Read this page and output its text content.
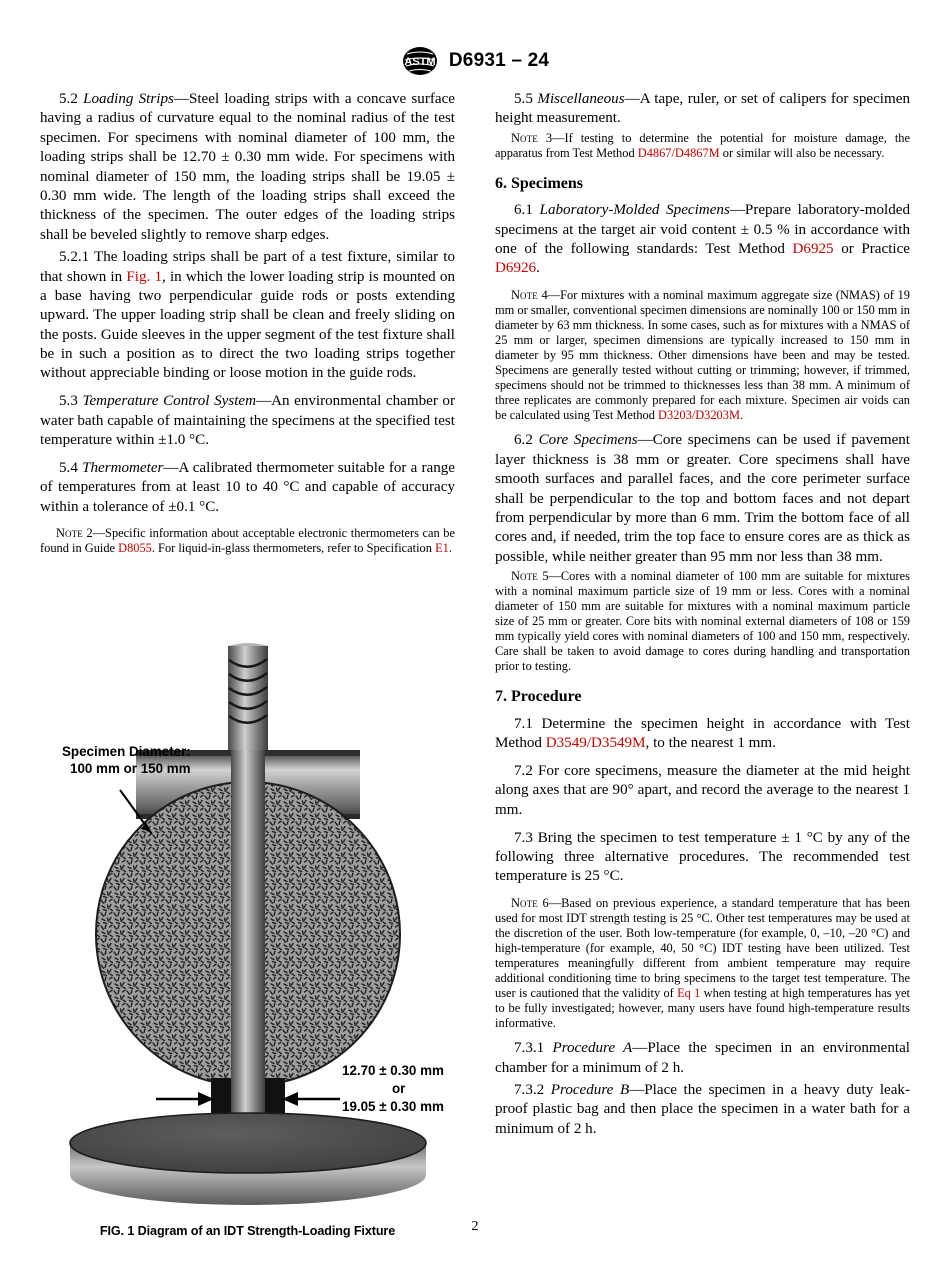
ASTM D6931 – 24

5.2 Loading Strips—Steel loading strips with a concave surface having a radius of curvature equal to the nominal radius of the test specimen. For specimens with nominal diameter of 100 mm, the loading strips shall be 12.70 ± 0.30 mm wide. For specimens with nominal diameter of 150 mm, the loading strips shall be 19.05 ± 0.30 mm wide. The length of the loading strips shall exceed the thickness of the specimen. The outer edges of the loading strips shall be beveled slightly to remove sharp edges.

5.2.1 The loading strips shall be part of a test fixture, similar to that shown in Fig. 1, in which the lower loading strip is mounted on a base having two perpendicular guide rods or posts extending upward. The upper loading strip shall be clean and freely sliding on the posts. Guide sleeves in the upper segment of the test fixture shall be in such a position as to direct the two loading strips together without appreciable binding or loose motion in the guide rods.

5.3 Temperature Control System—An environmental chamber or water bath capable of maintaining the specimens at the specified test temperature within ±1.0 °C.

5.4 Thermometer—A calibrated thermometer suitable for a range of temperatures from at least 10 to 40 °C and capable of accuracy within a tolerance of ±0.1 °C.

Note 2—Specific information about acceptable electronic thermometers can be found in Guide D8055. For liquid-in-glass thermometers, refer to Specification E1.

Specimen Diameter:
100 mm or 150 mm
12.70 ± 0.30 mm
or
19.05 ± 0.30 mm
FIG. 1 Diagram of an IDT Strength-Loading Fixture

5.5 Miscellaneous—A tape, ruler, or set of calipers for specimen height measurement.

Note 3—If testing to determine the potential for moisture damage, the apparatus from Test Method D4867/D4867M or similar will also be necessary.

6. Specimens

6.1 Laboratory-Molded Specimens—Prepare laboratory-molded specimens at the target air void content ± 0.5 % in accordance with one of the following standards: Test Method D6925 or Practice D6926.

Note 4—For mixtures with a nominal maximum aggregate size (NMAS) of 19 mm or smaller, conventional specimen dimensions are nominally 100 or 150 mm in diameter by 63 mm thickness. In some cases, such as for mixtures with a NMAS of 25 mm or larger, specimen dimensions are typically increased to 150 mm in diameter by 95 mm thickness. Other dimensions have been and may be tested. Specimens are generally tested without cutting or trimming; however, if trimmed, specimens should not be trimmed to thicknesses less than 38 mm. A minimum of three replicates are commonly prepared for each mixture. Specimen air voids can be calculated using Test Method D3203/D3203M.

6.2 Core Specimens—Core specimens can be used if pavement layer thickness is 38 mm or greater. Core specimens shall have smooth surfaces and parallel faces, and the core perimeter surface shall be perpendicular to the top and bottom faces and not depart from perpendicular by more than 6 mm. Trim the bottom face of all cores and, if needed, trim the top face to ensure cores are as thick as possible, while neither greater than 95 mm nor less than 38 mm.

Note 5—Cores with a nominal diameter of 100 mm are suitable for mixtures with a nominal maximum particle size of 19 mm or less. Cores with a nominal diameter of 150 mm are suitable for mixtures with a nominal maximum particle size of 25 mm or greater. Core bits with nominal external diameters of 108 or 159 mm typically yield cores with nominal diameters of 100 and 150 mm, respectively. Care shall be taken to avoid damage to cores during handling and transportation prior to testing.

7. Procedure

7.1 Determine the specimen height in accordance with Test Method D3549/D3549M, to the nearest 1 mm.

7.2 For core specimens, measure the diameter at the mid height along axes that are 90° apart, and record the average to the nearest 1 mm.

7.3 Bring the specimen to test temperature ± 1 °C by any of the following three alternative procedures. The recommended test temperature is 25 °C.

Note 6—Based on previous experience, a standard temperature that has been used for most IDT strength testing is 25 °C. Other test temperatures may be used at the discretion of the user. Both low-temperature (for example, 0, –10, –20 °C) and high-temperature (for example, 40, 50 °C) IDT testing have been utilized. Test temperatures meaningfully different from ambient temperature may require additional conditioning time to bring specimens to the target test temperature. The user is cautioned that the validity of Eq 1 when testing at high temperatures has yet to be fully investigated; however, many users have found high-temperature results informative.

7.3.1 Procedure A—Place the specimen in an environmental chamber for a minimum of 2 h.

7.3.2 Procedure B—Place the specimen in a heavy duty leak-proof plastic bag and then place the specimen in a water bath for a minimum of 2 h.

2
